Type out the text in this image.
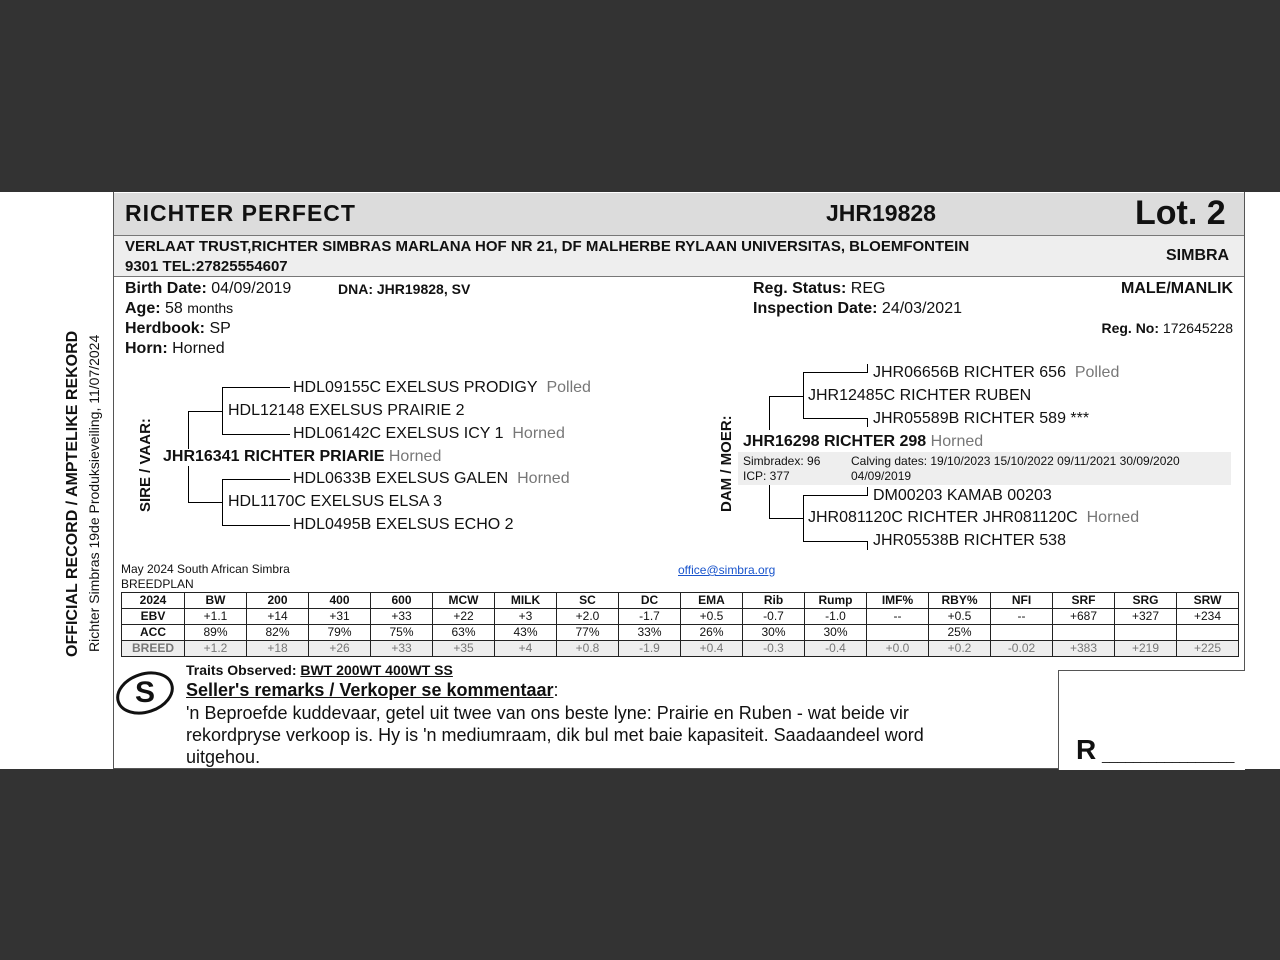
OFFICIAL RECORD / AMPTELIKE REKORD Richter Simbras 19de Produksieveiling, 11/07/2024
RICHTER PERFECT	JHR19828	Lot. 2
VERLAAT TRUST,RICHTER SIMBRAS MARLANA HOF NR 21, DF MALHERBE RYLAAN UNIVERSITAS, BLOEMFONTEIN
9301 TEL:27825554607
SIMBRA
Birth Date: 04/09/2019	DNA: JHR19828, SV
Age: 58 months
Herdbook: SP
Horn: Horned
Reg. Status: REG
Inspection Date: 24/03/2021
MALE/MANLIK
Reg. No: 172645228
SIRE / VAAR:
HDL09155C EXELSUS PRODIGY Polled
HDL12148 EXELSUS PRAIRIE 2
HDL06142C EXELSUS ICY 1 Horned
JHR16341 RICHTER PRIARIE Horned
HDL0633B EXELSUS GALEN Horned
HDL1170C EXELSUS ELSA 3
HDL0495B EXELSUS ECHO 2
DAM / MOER:
JHR06656B RICHTER 656 Polled
JHR12485C RICHTER RUBEN
JHR05589B RICHTER 589 ***
JHR16298 RICHTER 298 Horned
Simbradex: 96
ICP: 377
Calving dates: 19/10/2023 15/10/2022 09/11/2021 30/09/2020
04/09/2019
DM00203 KAMAB 00203
JHR081120C RICHTER JHR081120C Horned
JHR05538B RICHTER 538
May 2024 South African Simbra
BREEDPLAN
office@simbra.org
2024	BW	200	400	600	MCW	MILK	SC	DC	EMA	Rib	Rump	IMF%	RBY%	NFI	SRF	SRG	SRW
EBV	+1.1	+14	+31	+33	+22	+3	+2.0	-1.7	+0.5	-0.7	-1.0	--	+0.5	--	+687	+327	+234
ACC	89%	82%	79%	75%	63%	43%	77%	33%	26%	30%	30%		25%				
BREED	+1.2	+18	+26	+33	+35	+4	+0.8	-1.9	+0.4	-0.3	-0.4	+0.0	+0.2	-0.02	+383	+219	+225
R _________________
S
Traits Observed: BWT 200WT 400WT SS
Seller's remarks / Verkoper se kommentaar:
'n Beproefde kuddevaar, getel uit twee van ons beste lyne: Prairie en Ruben - wat beide vir
rekordpryse verkoop is. Hy is 'n mediumraam, dik bul met baie kapasiteit. Saadaandeel word
uitgehou.
